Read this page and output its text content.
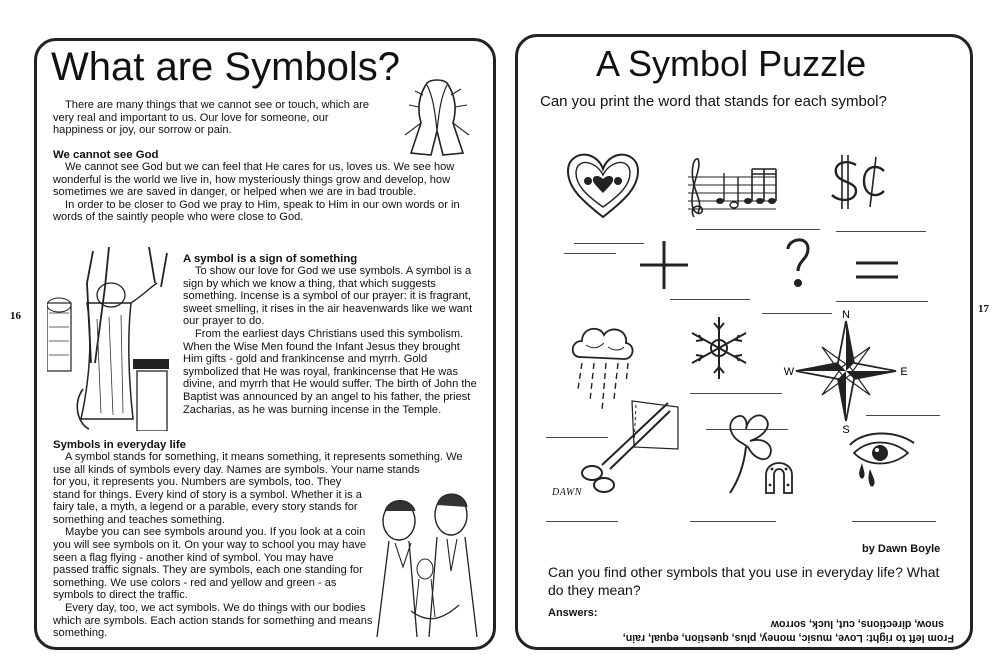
16
What are Symbols?

There are many things that we cannot see or touch, which are very real and important to us. Our love for someone, our happiness or joy, our sorrow or pain.

We cannot see God

We cannot see God but we can feel that He cares for us, loves us. We see how wonderful is the world we live in, how mysteriously things grow and develop, how sometimes we are saved in danger, or helped when we are in bad trouble.

In order to be closer to God we pray to Him, speak to Him in our own words or in words of the saintly people who were close to God.

A symbol is a sign of something

To show our love for God we use symbols. A symbol is a sign by which we know a thing, that which suggests something. Incense is a symbol of our prayer: it is fragrant, sweet smelling, it rises in the air heavenwards like we want our prayer to do.

From the earliest days Christians used this symbolism. When the Wise Men found the Infant Jesus they brought Him gifts - gold and frankincense and myrrh. Gold symbolized that He was royal, frankincense that He was divine, and myrrh that He would suffer. The birth of John the Baptist was announced by an angel to his father, the priest Zacharias, as he was burning incense in the Temple.

Symbols in everyday life

A symbol stands for something, it means something, it represents something. We use all kinds of symbols every day. Names are symbols. Your name stands

for you, it represents you. Numbers are symbols, too. They stand for things. Every kind of story is a symbol. Whether it is a fairy tale, a myth, a legend or a parable, every story stands for something and teaches something.

Maybe you can see symbols around you. If you look at a coin you will see symbols on it. On your way to school you may have seen a flag flying - another kind of symbol. You may have passed traffic signals. They are symbols, each one standing for something. We use colors - red and yellow and green - as symbols to direct the traffic.

Every day, too, we act symbols. We do things with our bodies which are symbols. Each action stands for something and means something.

17
A Symbol Puzzle
Can you print the word that stands for each symbol?
N
S
E
W
DAWN
by Dawn Boyle
Can you find other symbols that you use in everyday life? What do they mean?
Answers:
From left to right: Love, music, money, plus, question, equal, rain,
snow, directions, cut, luck, sorrow
